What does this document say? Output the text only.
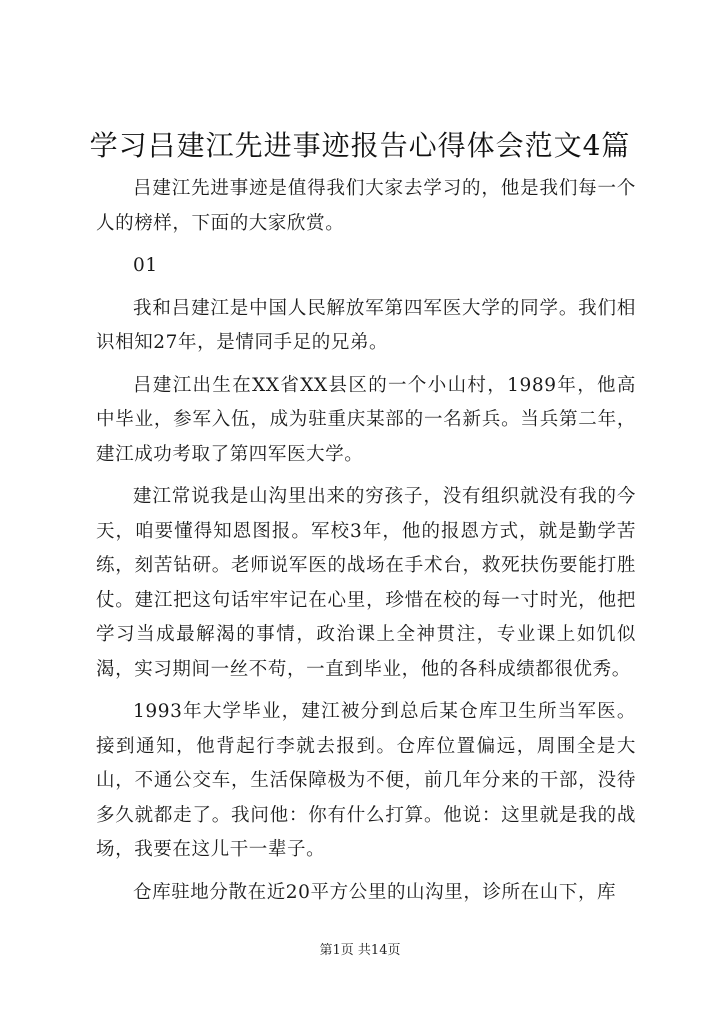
学习吕建江先进事迹报告心得体会范文4篇

吕建江先进事迹是值得我们大家去学习的，他是我们每一个人的榜样，下面的大家欣赏。

01

我和吕建江是中国人民解放军第四军医大学的同学。我们相识相知27年，是情同手足的兄弟。

吕建江出生在XX省XX县区的一个小山村，1989年，他高中毕业，参军入伍，成为驻重庆某部的一名新兵。当兵第二年，建江成功考取了第四军医大学。

建江常说我是山沟里出来的穷孩子，没有组织就没有我的今天，咱要懂得知恩图报。军校3年，他的报恩方式，就是勤学苦练，刻苦钻研。老师说军医的战场在手术台，救死扶伤要能打胜仗。建江把这句话牢牢记在心里，珍惜在校的每一寸时光，他把学习当成最解渴的事情，政治课上全神贯注，专业课上如饥似渴，实习期间一丝不苟，一直到毕业，他的各科成绩都很优秀。

1993年大学毕业，建江被分到总后某仓库卫生所当军医。接到通知，他背起行李就去报到。仓库位置偏远，周围全是大山，不通公交车，生活保障极为不便，前几年分来的干部，没待多久就都走了。我问他：你有什么打算。他说：这里就是我的战场，我要在这儿干一辈子。

仓库驻地分散在近20平方公里的山沟里，诊所在山下，库

第1页 共14页
